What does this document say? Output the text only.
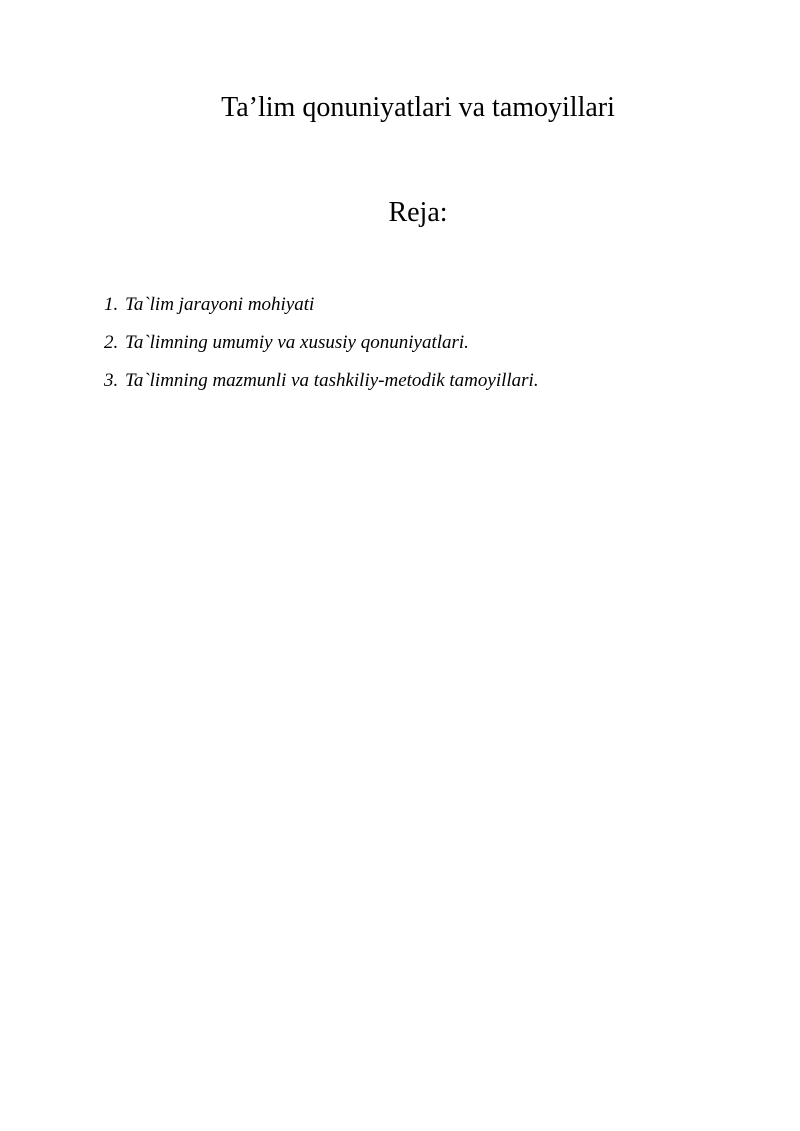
Ta’lim qonuniyatlari va tamoyillari
Reja:
1. Ta`lim jarayoni mohiyati
2. Ta`limning umumiy va xususiy qonuniyatlari.
3. Ta`limning mazmunli va tashkiliy-metodik tamoyillari.
